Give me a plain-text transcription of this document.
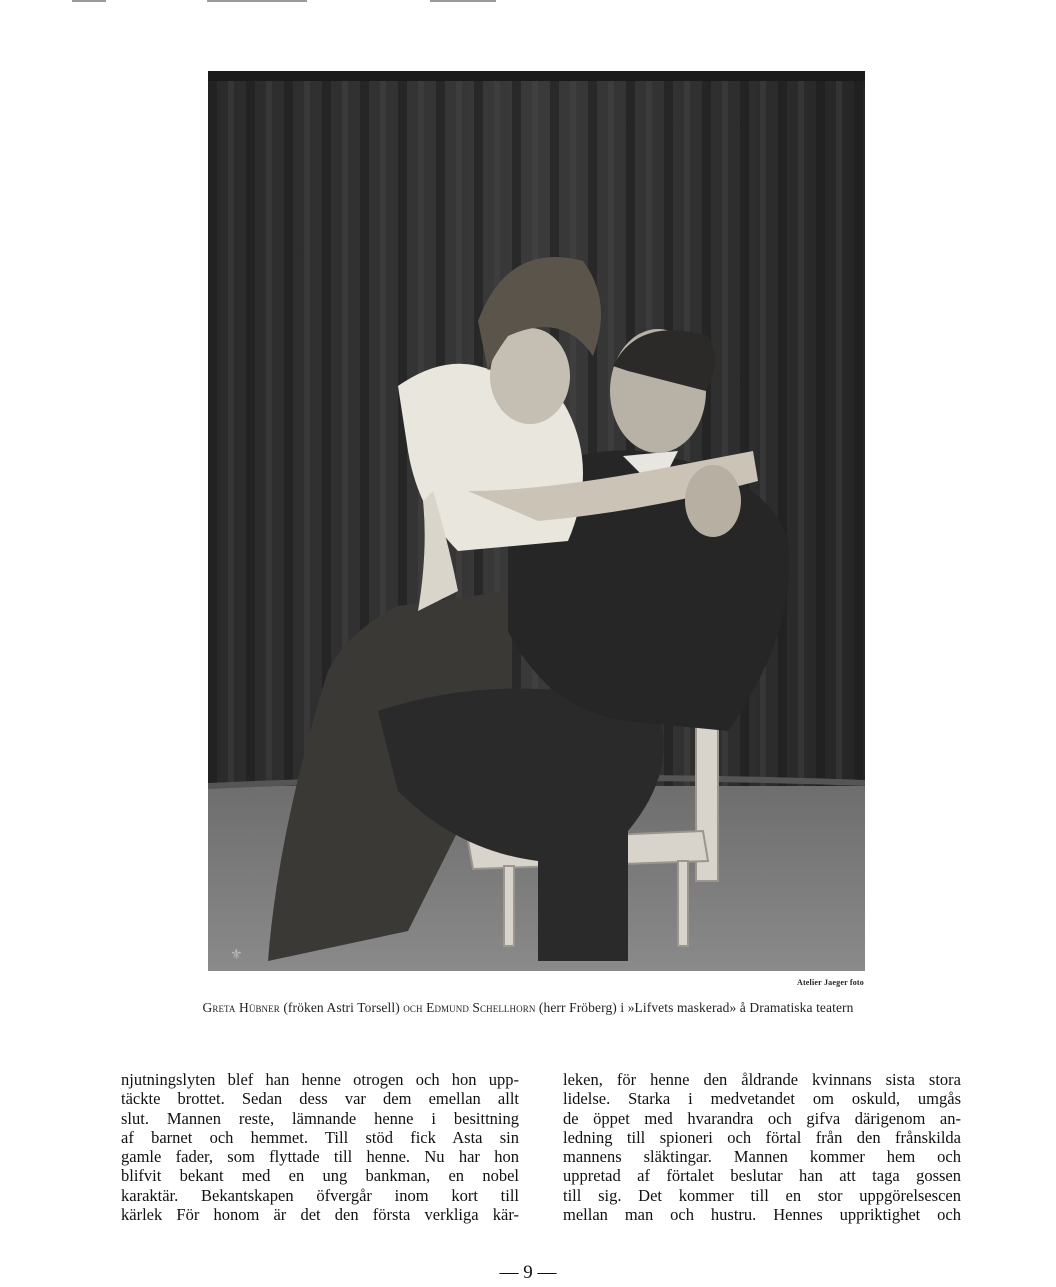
⚜
Atelier Jaeger foto
Greta Hübner (fröken Astri Torsell) och Edmund Schellhorn (herr Fröberg) i »Lifvets maskerad» å Dramatiska teatern
njutningslyten blef han henne otrogen och hon upp-
täckte brottet. Sedan dess var dem emellan allt
slut. Mannen reste, lämnande henne i besittning
af barnet och hemmet. Till stöd fick Asta sin
gamle fader, som flyttade till henne. Nu har hon
blifvit bekant med en ung bankman, en nobel
karaktär. Bekantskapen öfvergår inom kort till
kärlek För honom är det den första verkliga kär-
leken, för henne den åldrande kvinnans sista stora
lidelse. Starka i medvetandet om oskuld, umgås
de öppet med hvarandra och gifva därigenom an-
ledning till spioneri och förtal från den frånskilda
mannens släktingar. Mannen kommer hem och
uppretad af förtalet beslutar han att taga gossen
till sig. Det kommer till en stor uppgörelsescen
mellan man och hustru. Hennes uppriktighet och
— 9 —
